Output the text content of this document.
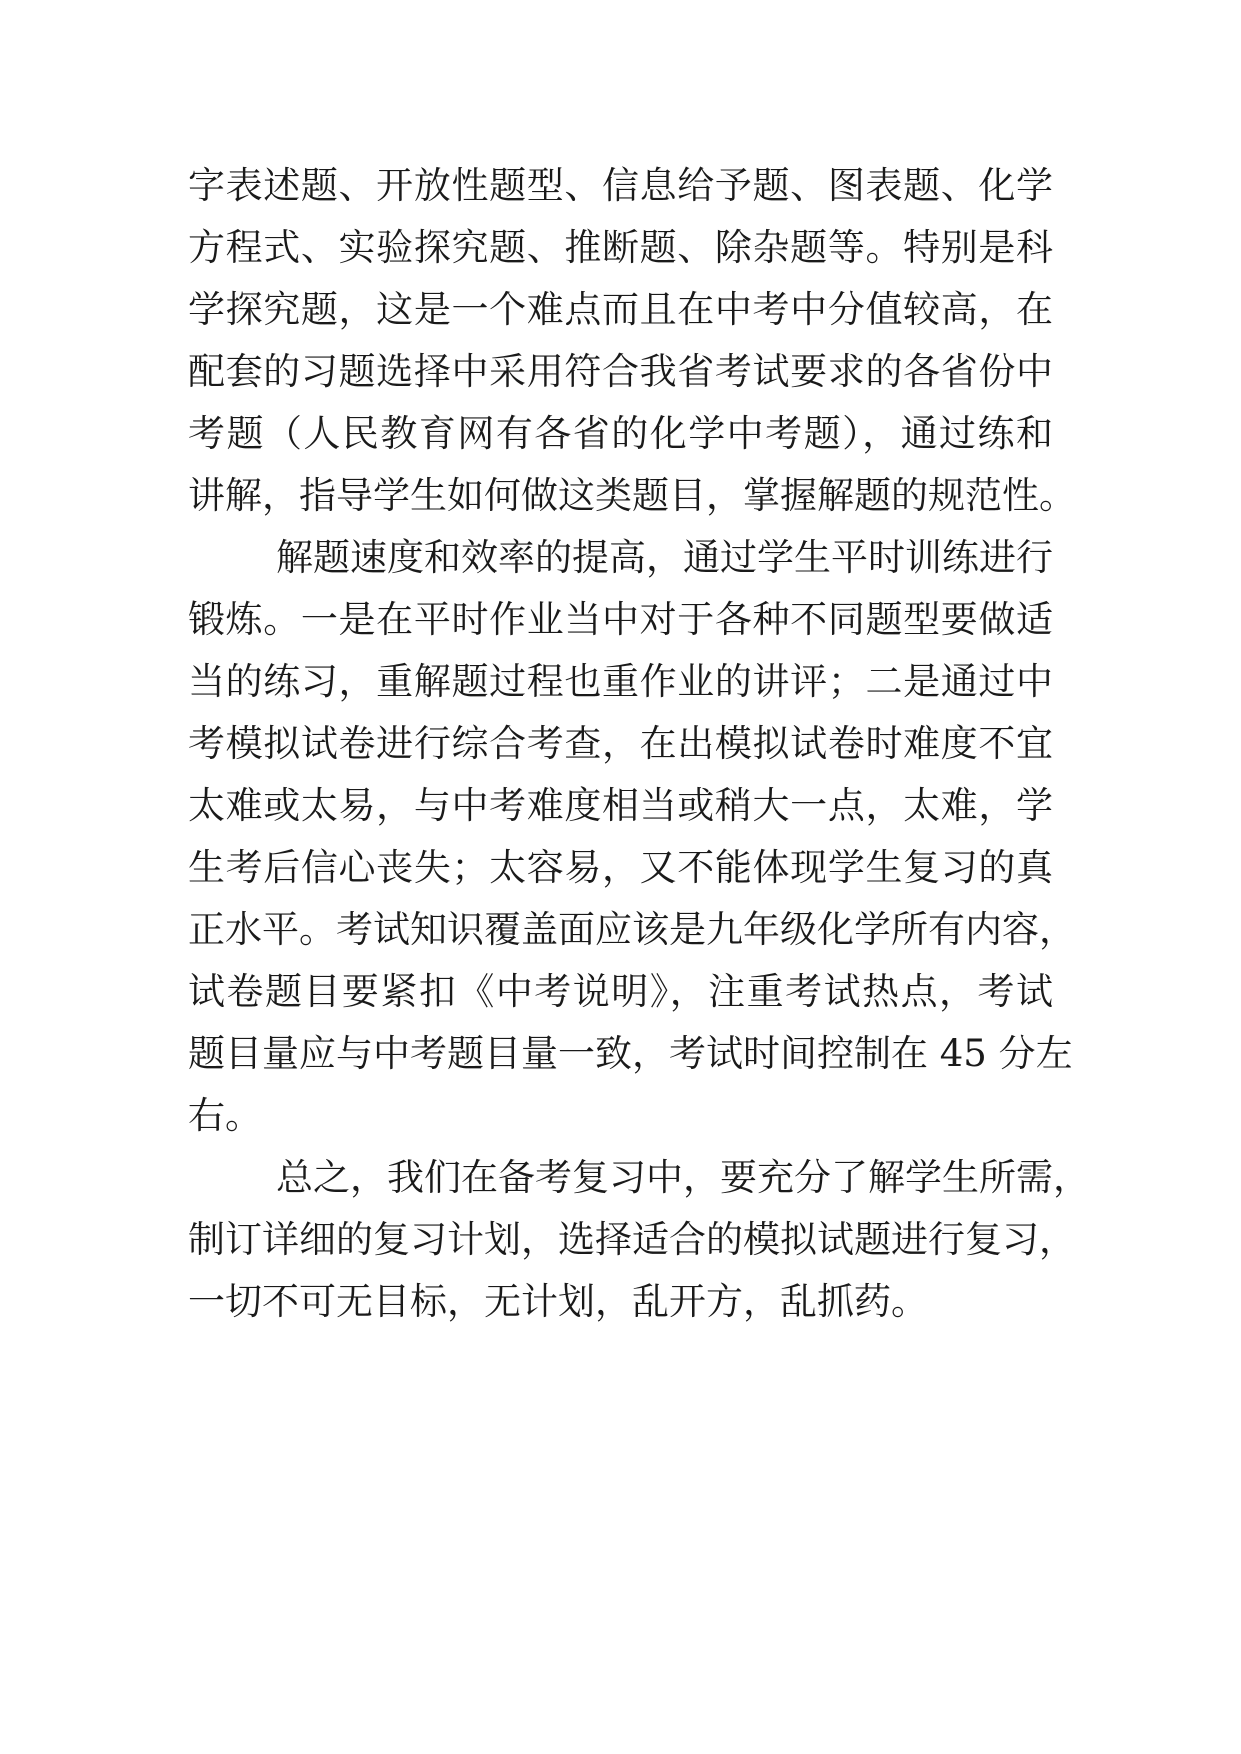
字表述题、开放性题型、信息给予题、图表题、化学
方程式、实验探究题、推断题、除杂题等。特别是科
学探究题，这是一个难点而且在中考中分值较高，在
配套的习题选择中采用符合我省考试要求的各省份中
考题（人民教育网有各省的化学中考题），通过练和
讲解，指导学生如何做这类题目，掌握解题的规范性。
解题速度和效率的提高，通过学生平时训练进行
锻炼。一是在平时作业当中对于各种不同题型要做适
当的练习，重解题过程也重作业的讲评；二是通过中
考模拟试卷进行综合考查，在出模拟试卷时难度不宜
太难或太易，与中考难度相当或稍大一点，太难，学
生考后信心丧失；太容易，又不能体现学生复习的真
正水平。考试知识覆盖面应该是九年级化学所有内容，
试卷题目要紧扣《中考说明》，注重考试热点，考试
题目量应与中考题目量一致，考试时间控制在 45 分左
右。
总之，我们在备考复习中，要充分了解学生所需，
制订详细的复习计划，选择适合的模拟试题进行复习，
一切不可无目标，无计划，乱开方，乱抓药。
